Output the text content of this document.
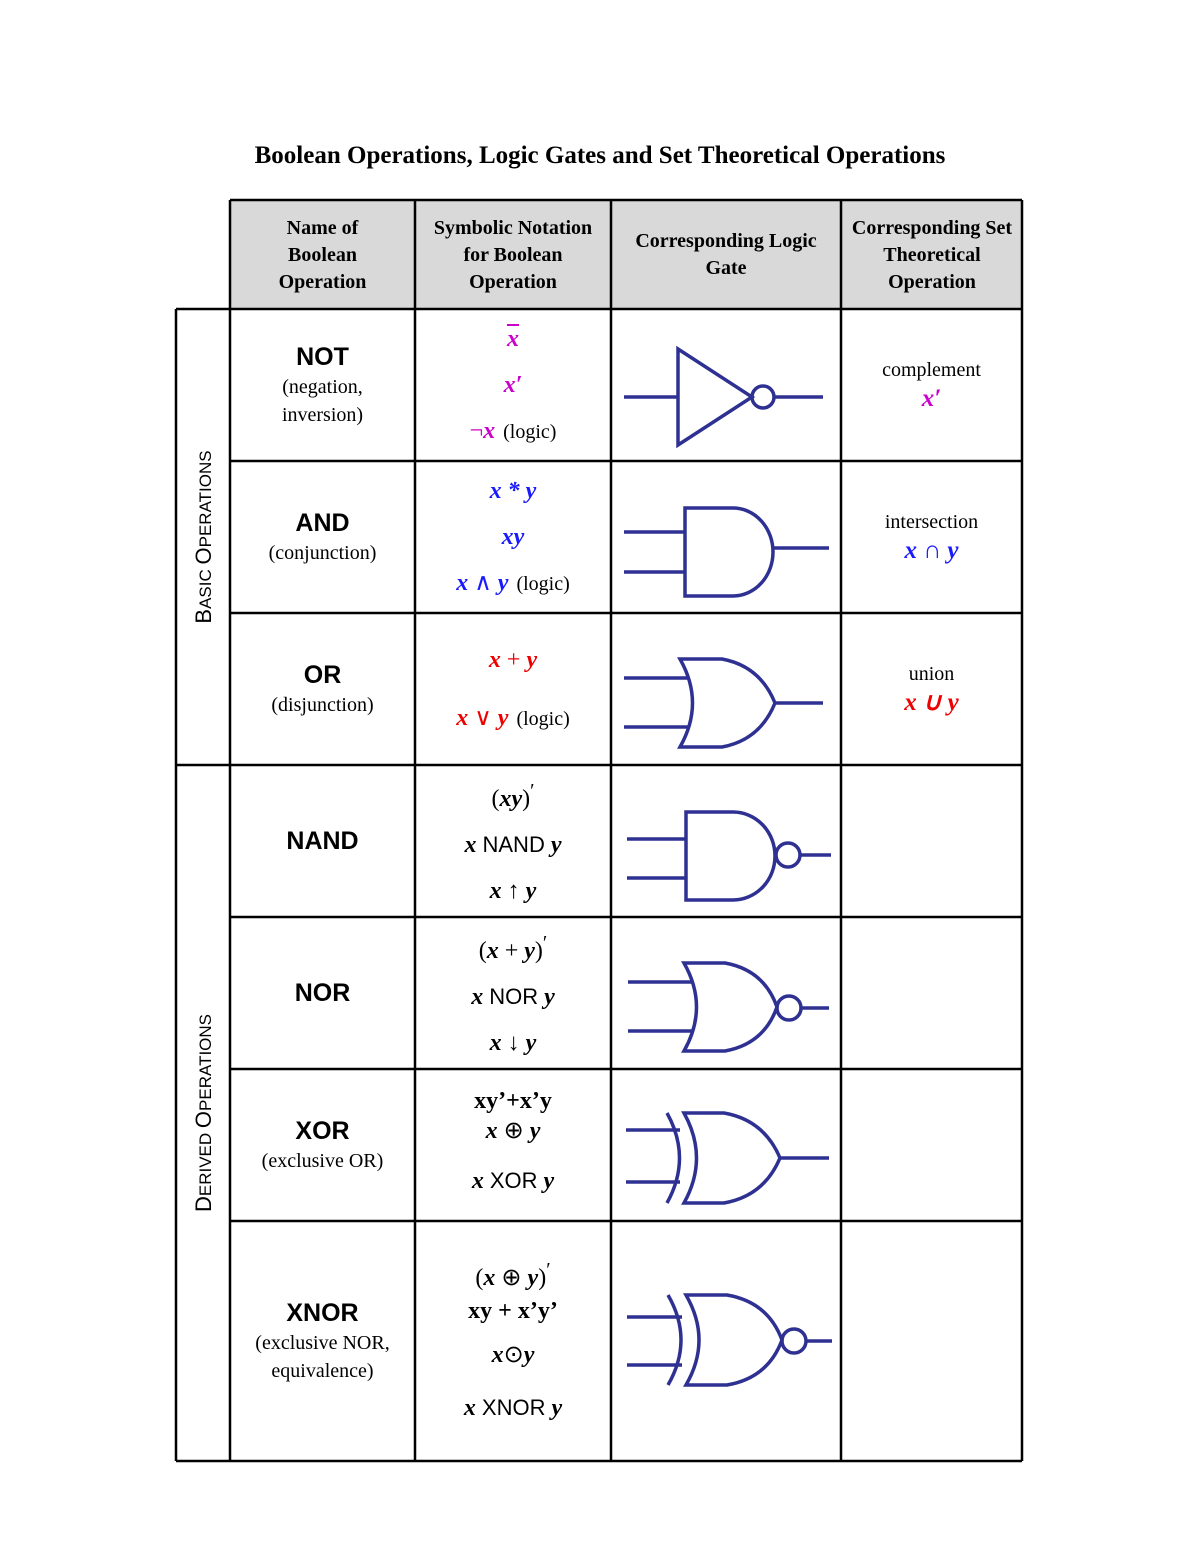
Boolean Operations, Logic Gates and Set Theoretical Operations
BASIC OPERATIONS
DERIVED OPERATIONS
Name of Boolean Operation
Symbolic Notation for Boolean Operation
Corresponding Logic Gate
Corresponding Set Theoretical Operation
NOT
(negation,
inversion)
AND
(conjunction)
OR
(disjunction)
NAND
NOR
XOR
(exclusive OR)
XNOR
(exclusive NOR,
equivalence)
$\overline{x}$
x′
¬x (logic)
x * y
xy
x ∧ y (logic)
x + y
x ∨ y (logic)
(xy)′
x NAND y
x ↑ y
(x + y)′
x NOR y
x ↓ y
xy’+x’y
x ⊕ y
x XOR y
(x ⊕ y)′
xy + x’y’
x⊙y
x XNOR y
complement
x′
intersection
x ∩ y
union
x ∪ y
